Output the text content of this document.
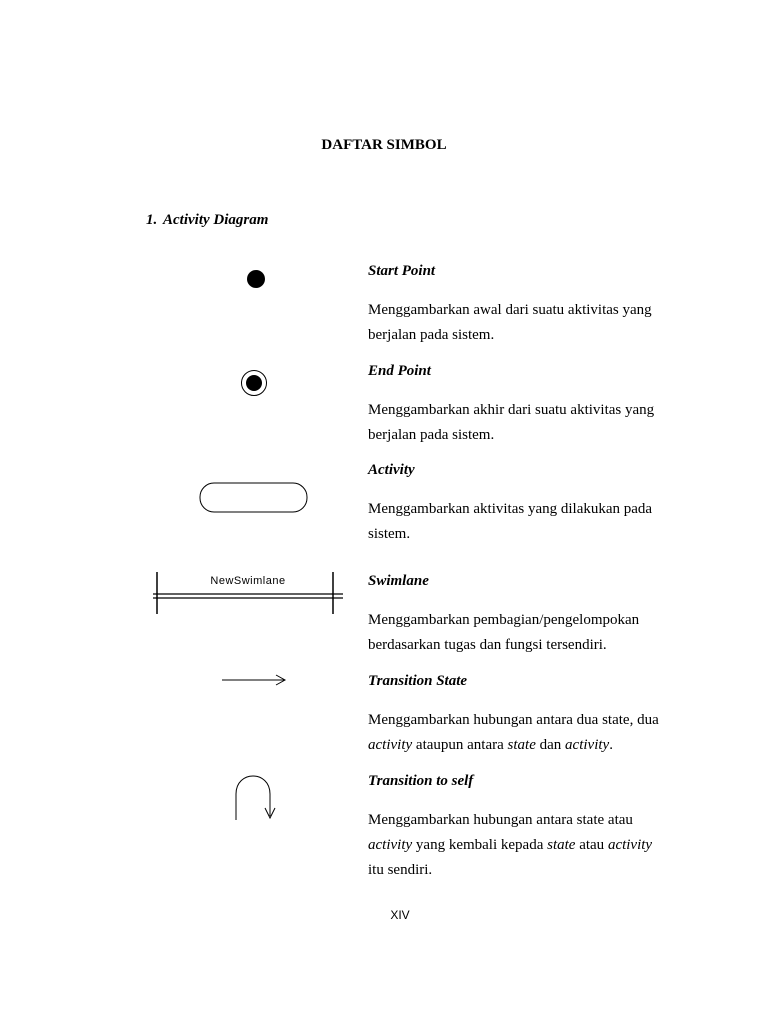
DAFTAR SIMBOL
1. Activity Diagram
NewSwimlane
Start Point
Menggambarkan awal dari suatu aktivitas yang berjalan pada sistem.
End Point
Menggambarkan akhir dari suatu aktivitas yang berjalan pada sistem.
Activity
Menggambarkan aktivitas yang dilakukan pada sistem.
Swimlane
Menggambarkan pembagian/pengelompokan berdasarkan tugas dan fungsi tersendiri.
Transition State
Menggambarkan hubungan antara dua state, dua activity ataupun antara state dan activity.
Transition to self
Menggambarkan hubungan antara state atau activity yang kembali kepada state atau activity itu sendiri.
XIV
